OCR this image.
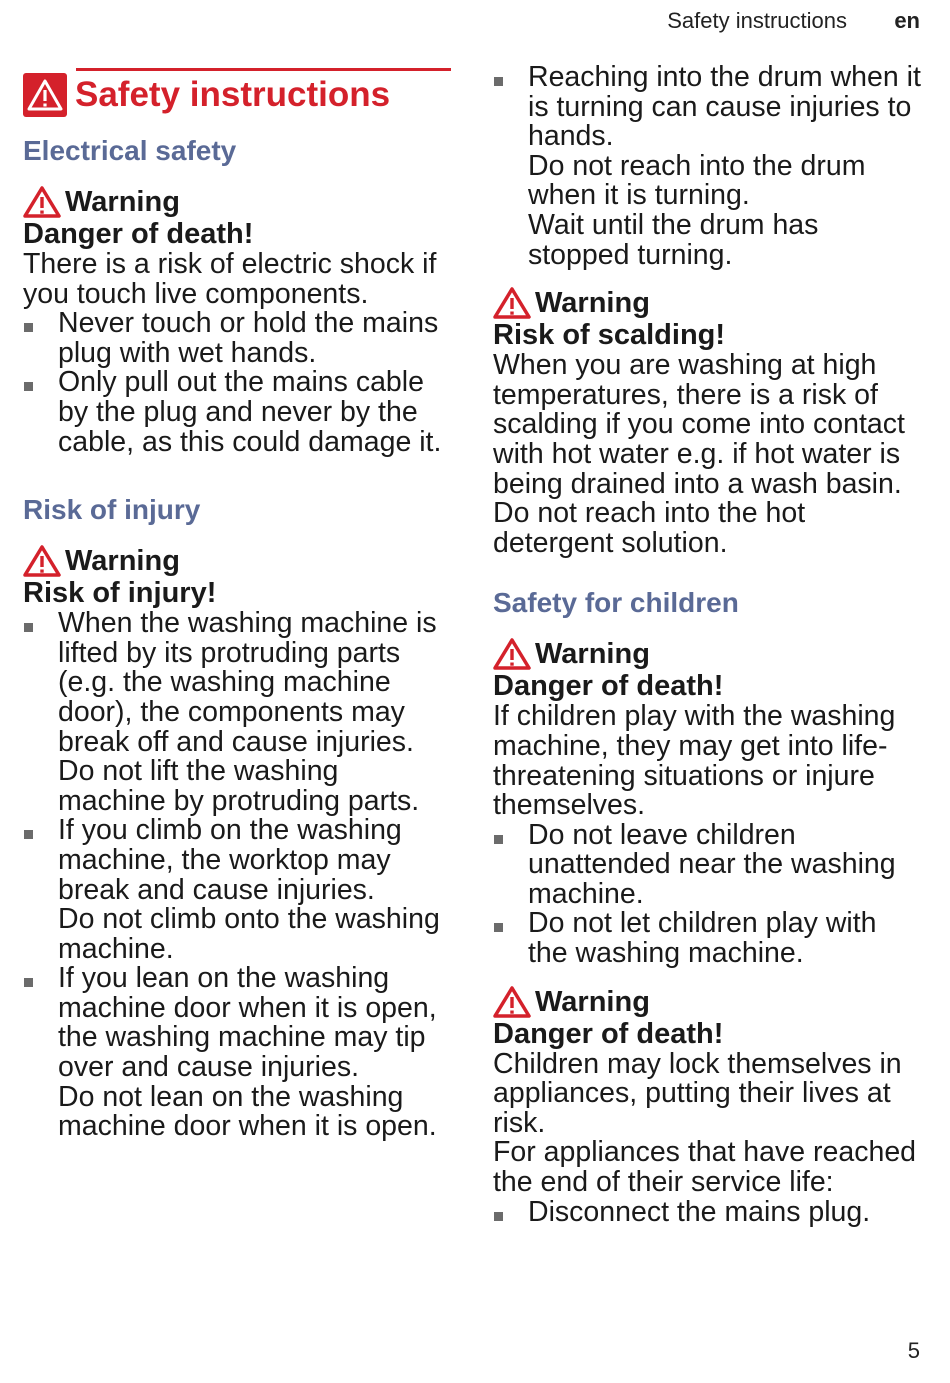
Safety instructions en
Safety instructions
Electrical safety
Warning
Danger of death!
There is a risk of electric shock if you touch live components.
Never touch or hold the mains plug with wet hands.
Only pull out the mains cable by the plug and never by the cable, as this could damage it.
Risk of injury
Warning
Risk of injury!
When the washing machine is lifted by its protruding parts (e.g. the washing machine door), the components may break off and cause injuries.
Do not lift the washing machine by protruding parts.
If you climb on the washing machine, the worktop may break and cause injuries.
Do not climb onto the washing machine.
If you lean on the washing machine door when it is open, the washing machine may tip over and cause injuries.
Do not lean on the washing machine door when it is open.
Reaching into the drum when it is turning can cause injuries to hands.
Do not reach into the drum when it is turning.
Wait until the drum has stopped turning.
Warning
Risk of scalding!
When you are washing at high temperatures, there is a risk of scalding if you come into contact with hot water e.g. if hot water is being drained into a wash basin.
Do not reach into the hot detergent solution.
Safety for children
Warning
Danger of death!
If children play with the washing machine, they may get into life-threatening situations or injure themselves.
Do not leave children unattended near the washing machine.
Do not let children play with the washing machine.
Warning
Danger of death!
Children may lock themselves in appliances, putting their lives at risk.
For appliances that have reached the end of their service life:
Disconnect the mains plug.
5
